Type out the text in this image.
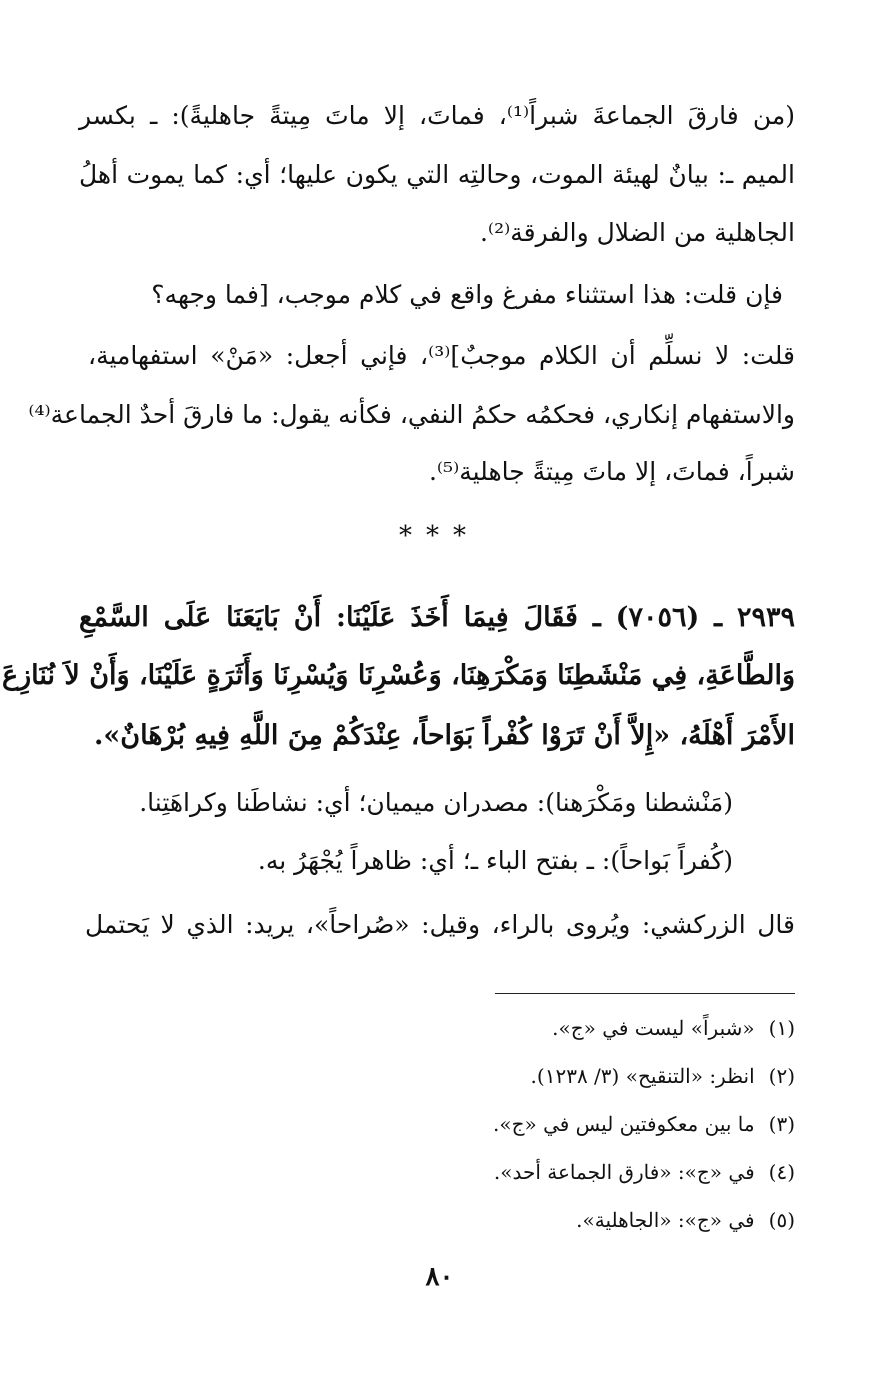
(من فارقَ الجماعةَ شبراً⁽¹⁾، فماتَ، إلا ماتَ مِيتةً جاهليةً): ـ بكسر
الميم ـ: بيانٌ لهيئة الموت، وحالتِه التي يكون عليها؛ أي: كما يموت أهلُ
الجاهلية من الضلال والفرقة⁽²⁾.
فإن قلت: هذا استثناء مفرغ واقع في كلام موجب، [فما وجهه؟
قلت: لا نسلِّم أن الكلام موجبٌ]⁽³⁾، فإني أجعل: «مَنْ» استفهامية،
والاستفهام إنكاري، فحكمُه حكمُ النفي، فكأنه يقول: ما فارقَ أحدٌ الجماعة⁽⁴⁾
شبراً، فماتَ، إلا ماتَ مِيتةً جاهلية⁽⁵⁾.
***
٢٩٣٩ ـ (٧٠٥٦) ـ فَقَالَ فِيمَا أَخَذَ عَلَيْنَا: أَنْ بَايَعَنَا عَلَى السَّمْعِ
وَالطَّاعَةِ، فِي مَنْشَطِنَا وَمَكْرَهِنَا، وَعُسْرِنَا وَيُسْرِنَا وَأَثَرَةٍ عَلَيْنَا، وَأَنْ لاَ نُنَازِعَ
الأَمْرَ أَهْلَهُ، «إِلاَّ أَنْ تَرَوْا كُفْراً بَوَاحاً، عِنْدَكُمْ مِنَ اللَّهِ فِيهِ بُرْهَانٌ».
(مَنْشطنا ومَكْرَهنا): مصدران ميميان؛ أي: نشاطَنا وكراهَتِنا.
(كُفراً بَواحاً): ـ بفتح الباء ـ؛ أي: ظاهراً يُجْهَرُ به.
قال الزركشي: ويُروى بالراء، وقيل: «صُراحاً»، يريد: الذي لا يَحتمل
(١)«شبراً» ليست في «ج».
(٢)انظر: «التنقيح» (٣/ ١٢٣٨).
(٣)ما بين معكوفتين ليس في «ج».
(٤)في «ج»: «فارق الجماعة أحد».
(٥)في «ج»: «الجاهلية».
٨٠
